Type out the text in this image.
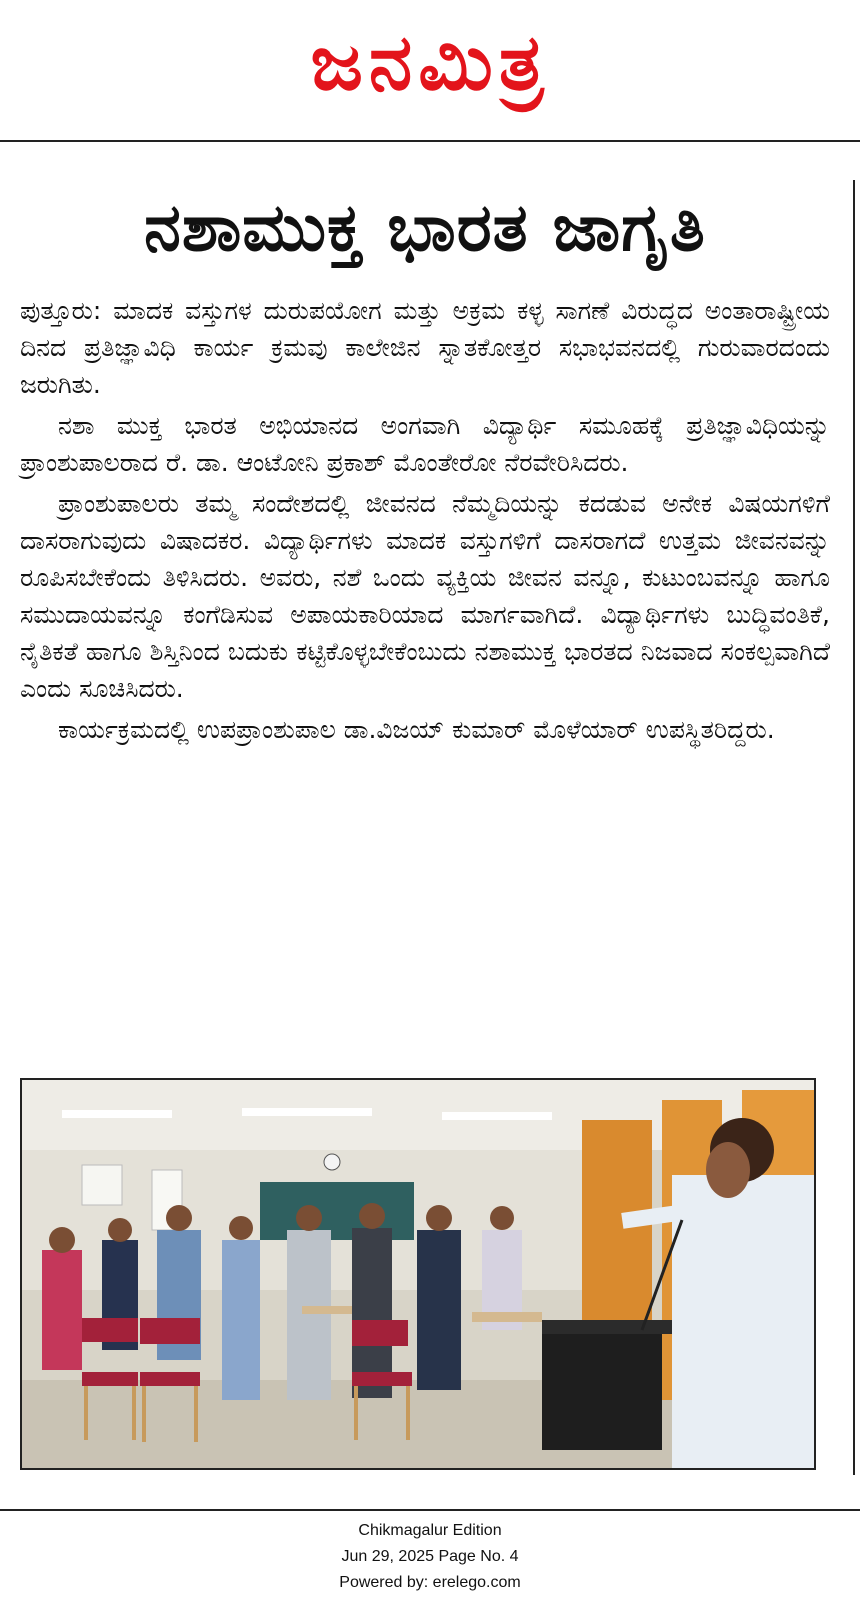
ಜನಮಿತ್ರ
ನಶಾಮುಕ್ತ ಭಾರತ ಜಾಗೃತಿ

ಪುತ್ತೂರು: ಮಾದಕ ವಸ್ತುಗಳ ದುರುಪಯೋಗ ಮತ್ತು ಅಕ್ರಮ ಕಳ್ಳ ಸಾಗಣೆ ವಿರುದ್ಧದ ಅಂತಾರಾಷ್ಟ್ರೀಯ ದಿನದ ಪ್ರತಿಜ್ಞಾವಿಧಿ ಕಾರ್ಯ ಕ್ರಮವು ಕಾಲೇಜಿನ ಸ್ನಾತಕೋತ್ತರ ಸಭಾಭವನದಲ್ಲಿ ಗುರುವಾರದಂದು ಜರುಗಿತು.

ನಶಾ ಮುಕ್ತ ಭಾರತ ಅಭಿಯಾನದ ಅಂಗವಾಗಿ ವಿದ್ಯಾರ್ಥಿ ಸಮೂಹಕ್ಕೆ ಪ್ರತಿಜ್ಞಾವಿಧಿಯನ್ನು ಪ್ರಾಂಶುಪಾಲರಾದ ರೆ. ಡಾ. ಆಂಟೋನಿ ಪ್ರಕಾಶ್ ಮೊಂತೇರೋ ನೆರವೇರಿಸಿದರು.

ಪ್ರಾಂಶುಪಾಲರು ತಮ್ಮ ಸಂದೇಶದಲ್ಲಿ ಜೀವನದ ನೆಮ್ಮದಿಯನ್ನು ಕದಡುವ ಅನೇಕ ವಿಷಯಗಳಿಗೆ ದಾಸರಾಗುವುದು ವಿಷಾದಕರ. ವಿದ್ಯಾರ್ಥಿಗಳು ಮಾದಕ ವಸ್ತುಗಳಿಗೆ ದಾಸರಾಗದೆ ಉತ್ತಮ ಜೀವನವನ್ನು ರೂಪಿಸಬೇಕೆಂದು ತಿಳಿಸಿದರು. ಅವರು, ನಶೆ ಒಂದು ವ್ಯಕ್ತಿಯ ಜೀವನ ವನ್ನೂ, ಕುಟುಂಬವನ್ನೂ ಹಾಗೂ ಸಮುದಾಯವನ್ನೂ ಕಂಗೆಡಿಸುವ ಅಪಾಯಕಾರಿಯಾದ ಮಾರ್ಗವಾಗಿದೆ. ವಿದ್ಯಾರ್ಥಿಗಳು ಬುದ್ಧಿವಂತಿಕೆ, ನೈತಿಕತೆ ಹಾಗೂ ಶಿಸ್ತಿನಿಂದ ಬದುಕು ಕಟ್ಟಿಕೊಳ್ಳಬೇಕೆಂಬುದು ನಶಾಮುಕ್ತ ಭಾರತದ ನಿಜವಾದ ಸಂಕಲ್ಪವಾಗಿದೆ ಎಂದು ಸೂಚಿಸಿದರು.

ಕಾರ್ಯಕ್ರಮದಲ್ಲಿ ಉಪಪ್ರಾಂಶುಪಾಲ ಡಾ.ವಿಜಯ್ ಕುಮಾರ್ ಮೊಳೆಯಾರ್ ಉಪಸ್ಥಿತರಿದ್ದರು.

Chikmagalur Edition
Jun 29, 2025 Page No. 4
Powered by: erelego.com
